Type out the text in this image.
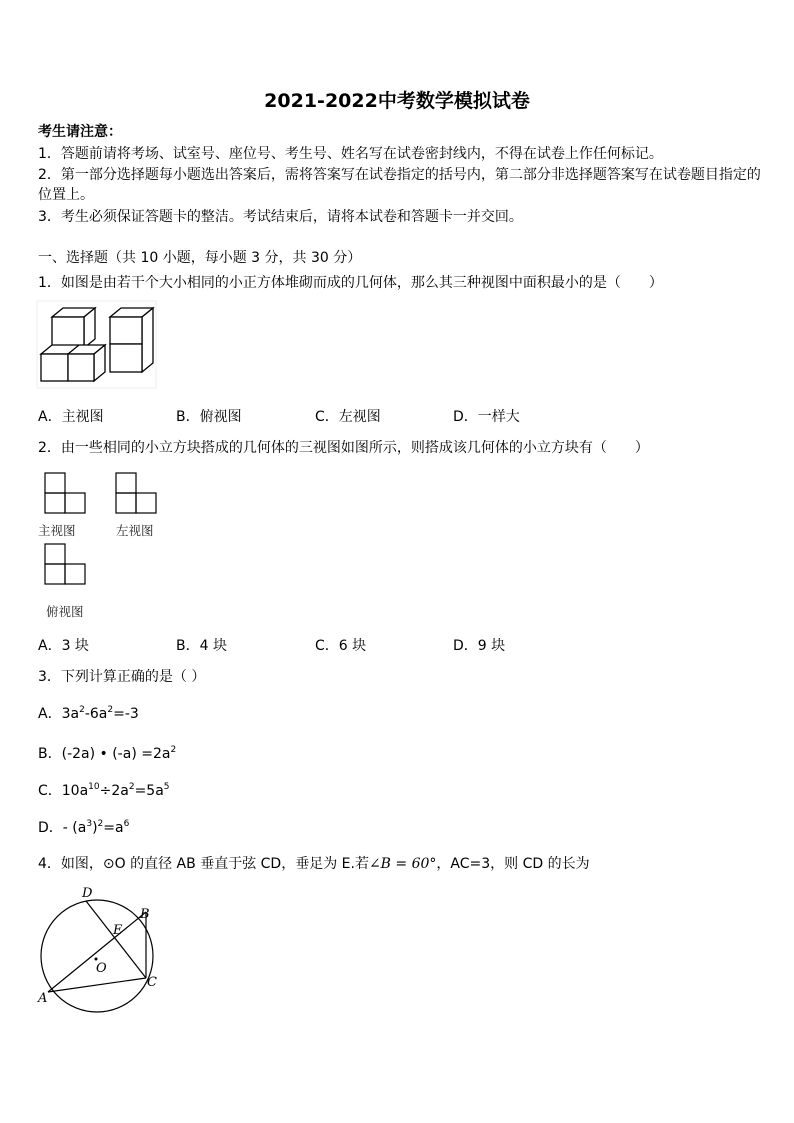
2021-2022中考数学模拟试卷
考生请注意：
1．答题前请将考场、试室号、座位号、考生号、姓名写在试卷密封线内，不得在试卷上作任何标记。
2．第一部分选择题每小题选出答案后，需将答案写在试卷指定的括号内，第二部分非选择题答案写在试卷题目指定的
位置上。
3．考生必须保证答题卡的整洁。考试结束后，请将本试卷和答题卡一并交回。
一、选择题（共 10 小题，每小题 3 分，共 30 分）
1．如图是由若干个大小相同的小正方体堆砌而成的几何体，那么其三种视图中面积最小的是（　　）
A．主视图	B．俯视图	C．左视图	D．一样大
2．由一些相同的小立方块搭成的几何体的三视图如图所示，则搭成该几何体的小立方块有（　　）
主视图	左视图
俯视图
A．3 块	B．4 块	C．6 块	D．9 块
3．下列计算正确的是（ ）
A．$3a^2-6a^2=-3$
B．(-2a) • $(-a) =2a^2$
C．$10a^{10}\div 2a^2=5a^5$
D．- $(a^3)^2=a^6$
4．如图，⊙O 的直径 AB 垂直于弦 CD，垂足为 E.若∠B = 60°，AC=3，则 CD 的长为
D
B
E
O
A
C
